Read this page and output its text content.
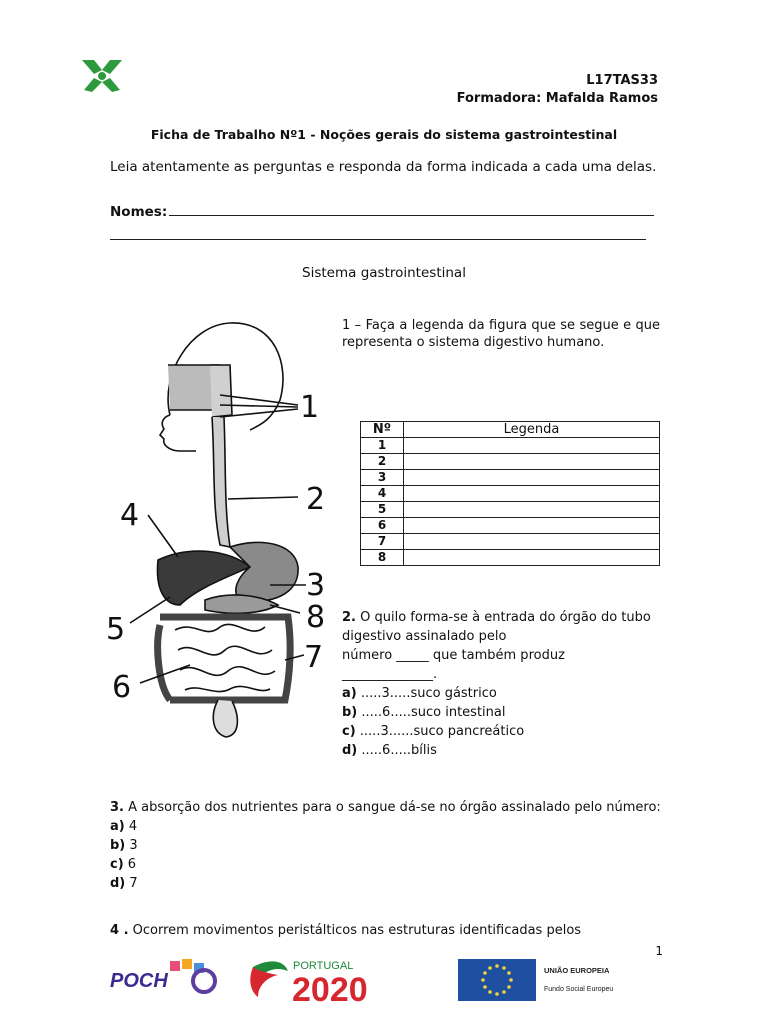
L17TAS33
Formadora: Mafalda Ramos
Ficha de Trabalho Nº1 - Noções gerais do sistema gastrointestinal
Leia atentamente as perguntas e responda da forma indicada a cada uma delas.
Nomes:
Sistema gastrointestinal
1
2
3
4
5
6
7
8
1 – Faça a legenda da figura que se segue e que representa o sistema digestivo humano.
Nº	Legenda
1	
2	
3	
4	
5	
6	
7	
8	
2. O quilo forma-se à entrada do órgão do tubo digestivo assinalado pelo
número _____ que também produz
______________.
a) .....3.....suco gástrico
b) .....6.....suco intestinal
c) .....3......suco pancreático
d) .....6.....bílis
3. A absorção dos nutrientes para o sangue dá-se no órgão assinalado pelo número:
a) 4
b) 3
c) 6
d) 7
4 . Ocorrem movimentos peristálticos nas estruturas identificadas pelos
1
POCH
PORTUGAL
2020
UNIÃO EUROPEIA
Fundo Social Europeu
